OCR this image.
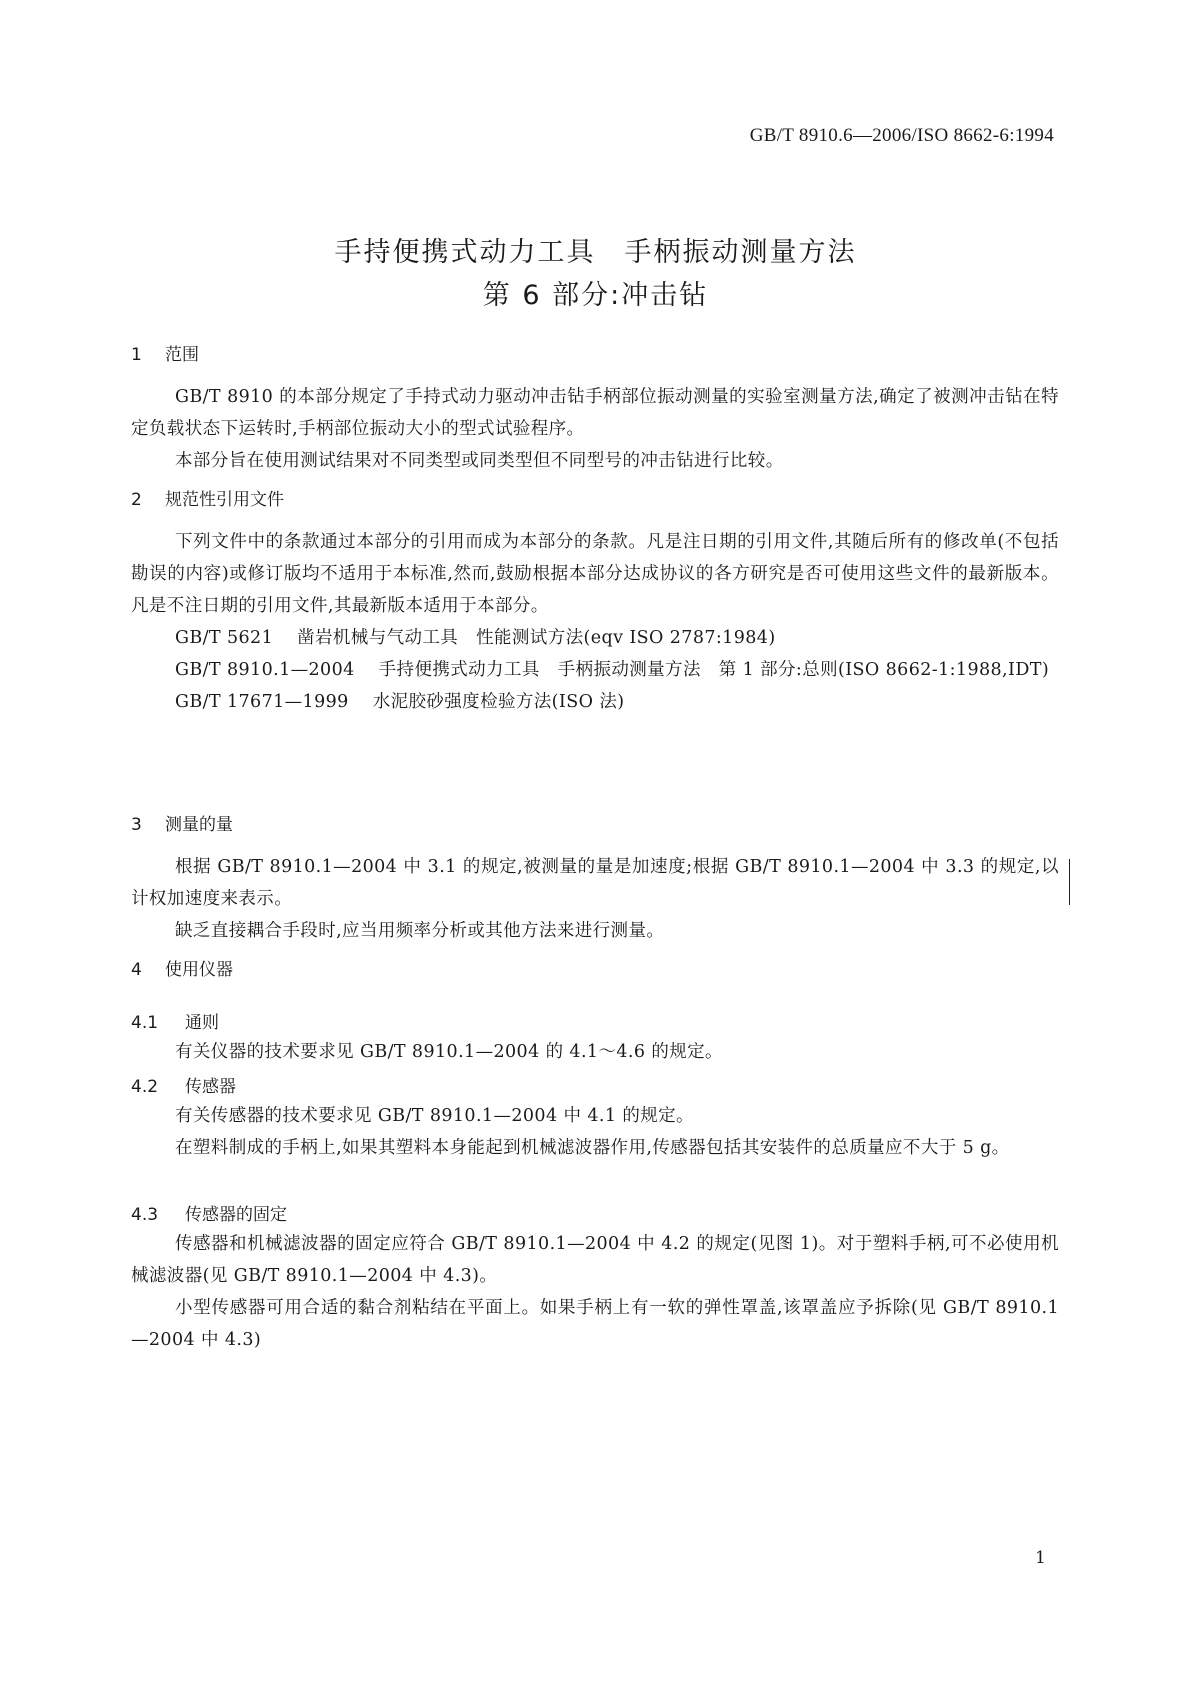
GB/T 8910.6—2006/ISO 8662-6:1994
手持便携式动力工具　手柄振动测量方法
第 6 部分:冲击钻
1 范围
GB/T 8910 的本部分规定了手持式动力驱动冲击钻手柄部位振动测量的实验室测量方法,确定了被测冲击钻在特定负载状态下运转时,手柄部位振动大小的型式试验程序。
本部分旨在使用测试结果对不同类型或同类型但不同型号的冲击钻进行比较。
2 规范性引用文件
下列文件中的条款通过本部分的引用而成为本部分的条款。凡是注日期的引用文件,其随后所有的修改单(不包括勘误的内容)或修订版均不适用于本标准,然而,鼓励根据本部分达成协议的各方研究是否可使用这些文件的最新版本。凡是不注日期的引用文件,其最新版本适用于本部分。
GB/T 5621 凿岩机械与气动工具　性能测试方法(eqv ISO 2787:1984)
GB/T 8910.1—2004 手持便携式动力工具　手柄振动测量方法　第 1 部分:总则(ISO 8662-1:1988,IDT)
GB/T 17671—1999 水泥胶砂强度检验方法(ISO 法)
3 测量的量
根据 GB/T 8910.1—2004 中 3.1 的规定,被测量的量是加速度;根据 GB/T 8910.1—2004 中 3.3 的规定,以计权加速度来表示。
缺乏直接耦合手段时,应当用频率分析或其他方法来进行测量。
4 使用仪器
4.1 通则
有关仪器的技术要求见 GB/T 8910.1—2004 的 4.1～4.6 的规定。
4.2 传感器
有关传感器的技术要求见 GB/T 8910.1—2004 中 4.1 的规定。
在塑料制成的手柄上,如果其塑料本身能起到机械滤波器作用,传感器包括其安装件的总质量应不大于 5 g。
4.3 传感器的固定
传感器和机械滤波器的固定应符合 GB/T 8910.1—2004 中 4.2 的规定(见图 1)。对于塑料手柄,可不必使用机械滤波器(见 GB/T 8910.1—2004 中 4.3)。
小型传感器可用合适的黏合剂粘结在平面上。如果手柄上有一软的弹性罩盖,该罩盖应予拆除(见 GB/T 8910.1—2004 中 4.3)
1
